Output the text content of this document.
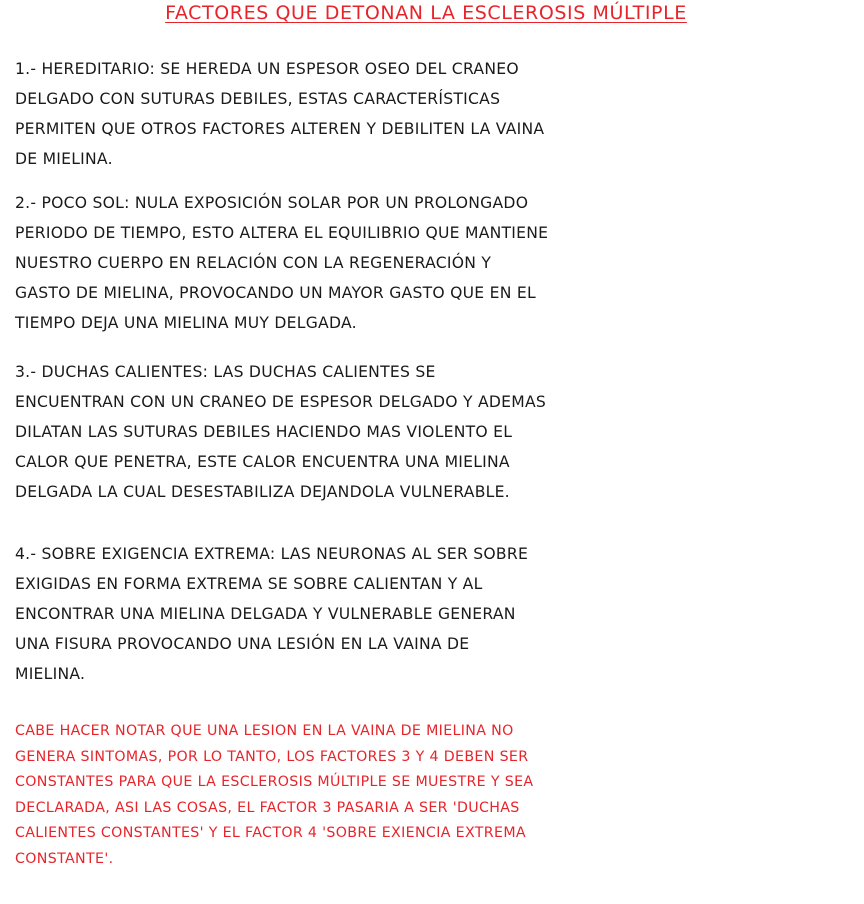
FACTORES QUE DETONAN LA ESCLEROSIS MÚLTIPLE
1.- HEREDITARIO: SE HEREDA UN ESPESOR OSEO DEL CRANEO
DELGADO CON SUTURAS DEBILES, ESTAS CARACTERÍSTICAS
PERMITEN QUE OTROS FACTORES ALTEREN Y DEBILITEN LA VAINA
DE MIELINA.
2.- POCO SOL: NULA EXPOSICIÓN SOLAR POR UN PROLONGADO
PERIODO DE TIEMPO, ESTO ALTERA EL EQUILIBRIO QUE MANTIENE
NUESTRO CUERPO EN RELACIÓN CON LA REGENERACIÓN Y
GASTO DE MIELINA, PROVOCANDO UN MAYOR GASTO QUE EN EL
TIEMPO DEJA UNA MIELINA MUY DELGADA.
3.- DUCHAS CALIENTES: LAS DUCHAS CALIENTES SE
ENCUENTRAN CON UN CRANEO DE ESPESOR DELGADO Y ADEMAS
DILATAN LAS SUTURAS DEBILES HACIENDO MAS VIOLENTO EL
CALOR QUE PENETRA, ESTE CALOR ENCUENTRA UNA MIELINA
DELGADA LA CUAL DESESTABILIZA DEJANDOLA VULNERABLE.
4.- SOBRE EXIGENCIA EXTREMA: LAS NEURONAS AL SER SOBRE
EXIGIDAS EN FORMA EXTREMA SE SOBRE CALIENTAN Y AL
ENCONTRAR UNA MIELINA DELGADA Y VULNERABLE GENERAN
UNA FISURA PROVOCANDO UNA LESIÓN EN LA VAINA DE
MIELINA.
CABE HACER NOTAR QUE UNA LESION EN LA VAINA DE MIELINA NO
GENERA SINTOMAS, POR LO TANTO, LOS FACTORES 3 Y 4 DEBEN SER
CONSTANTES PARA QUE LA ESCLEROSIS MÚLTIPLE SE MUESTRE Y SEA
DECLARADA, ASI LAS COSAS, EL FACTOR 3 PASARIA A SER 'DUCHAS
CALIENTES CONSTANTES' Y EL FACTOR 4 'SOBRE EXIENCIA EXTREMA
CONSTANTE'.
